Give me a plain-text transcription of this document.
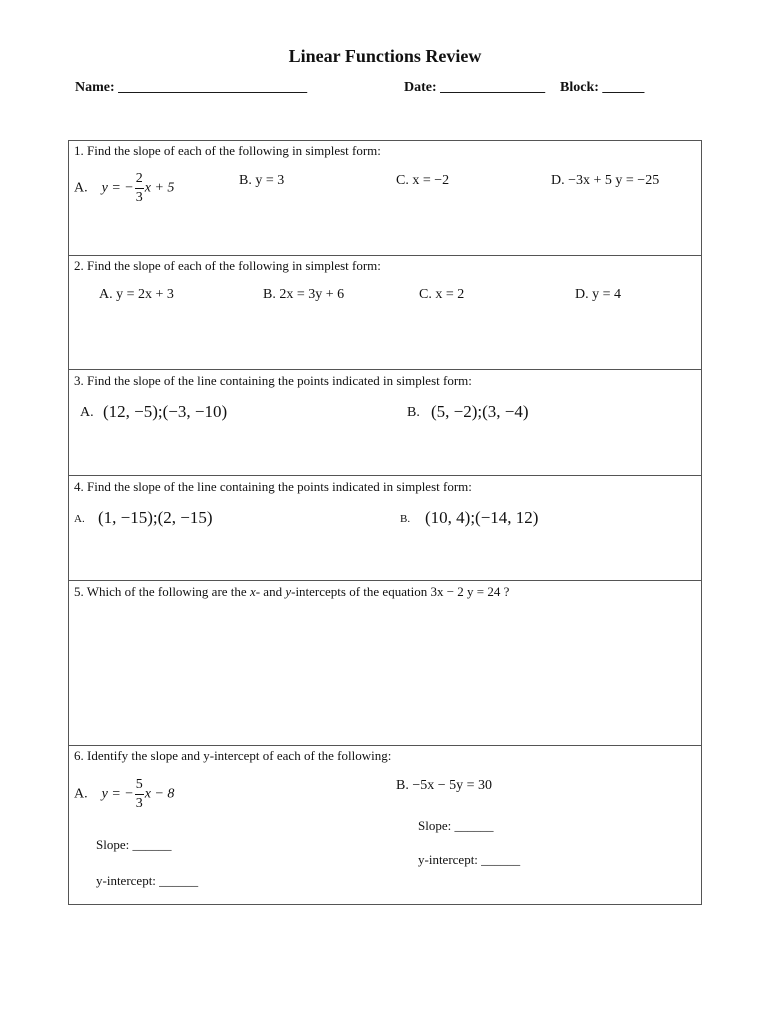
Linear Functions Review
Name: ___________________________	Date: _______________ Block: ______
1. Find the slope of each of the following in simplest form:
A. y = − $\frac{2}{3}$ x + 5
B. y = 3	C. x = −2	D. −3x + 5 y = −25
2. Find the slope of each of the following in simplest form:
A. y = 2x + 3	B. 2x = 3y + 6	C. x = 2	D. y = 4
3. Find the slope of the line containing the points indicated in simplest form:
A. (12, −5);(−3, −10)	B. (5, −2);(3, −4)
4. Find the slope of the line containing the points indicated in simplest form:
A. (1, −15);(2, −15)	B. (10, 4);(−14, 12)
5. Which of the following are the x- and y-intercepts of the equation 3x − 2 y = 24 ?
6. Identify the slope and y-intercept of each of the following:
A. y = − $\frac{5}{3}$ x − 8
Slope: ______
y-intercept: ______
B. −5x − 5y = 30
Slope: ______
y-intercept: ______
